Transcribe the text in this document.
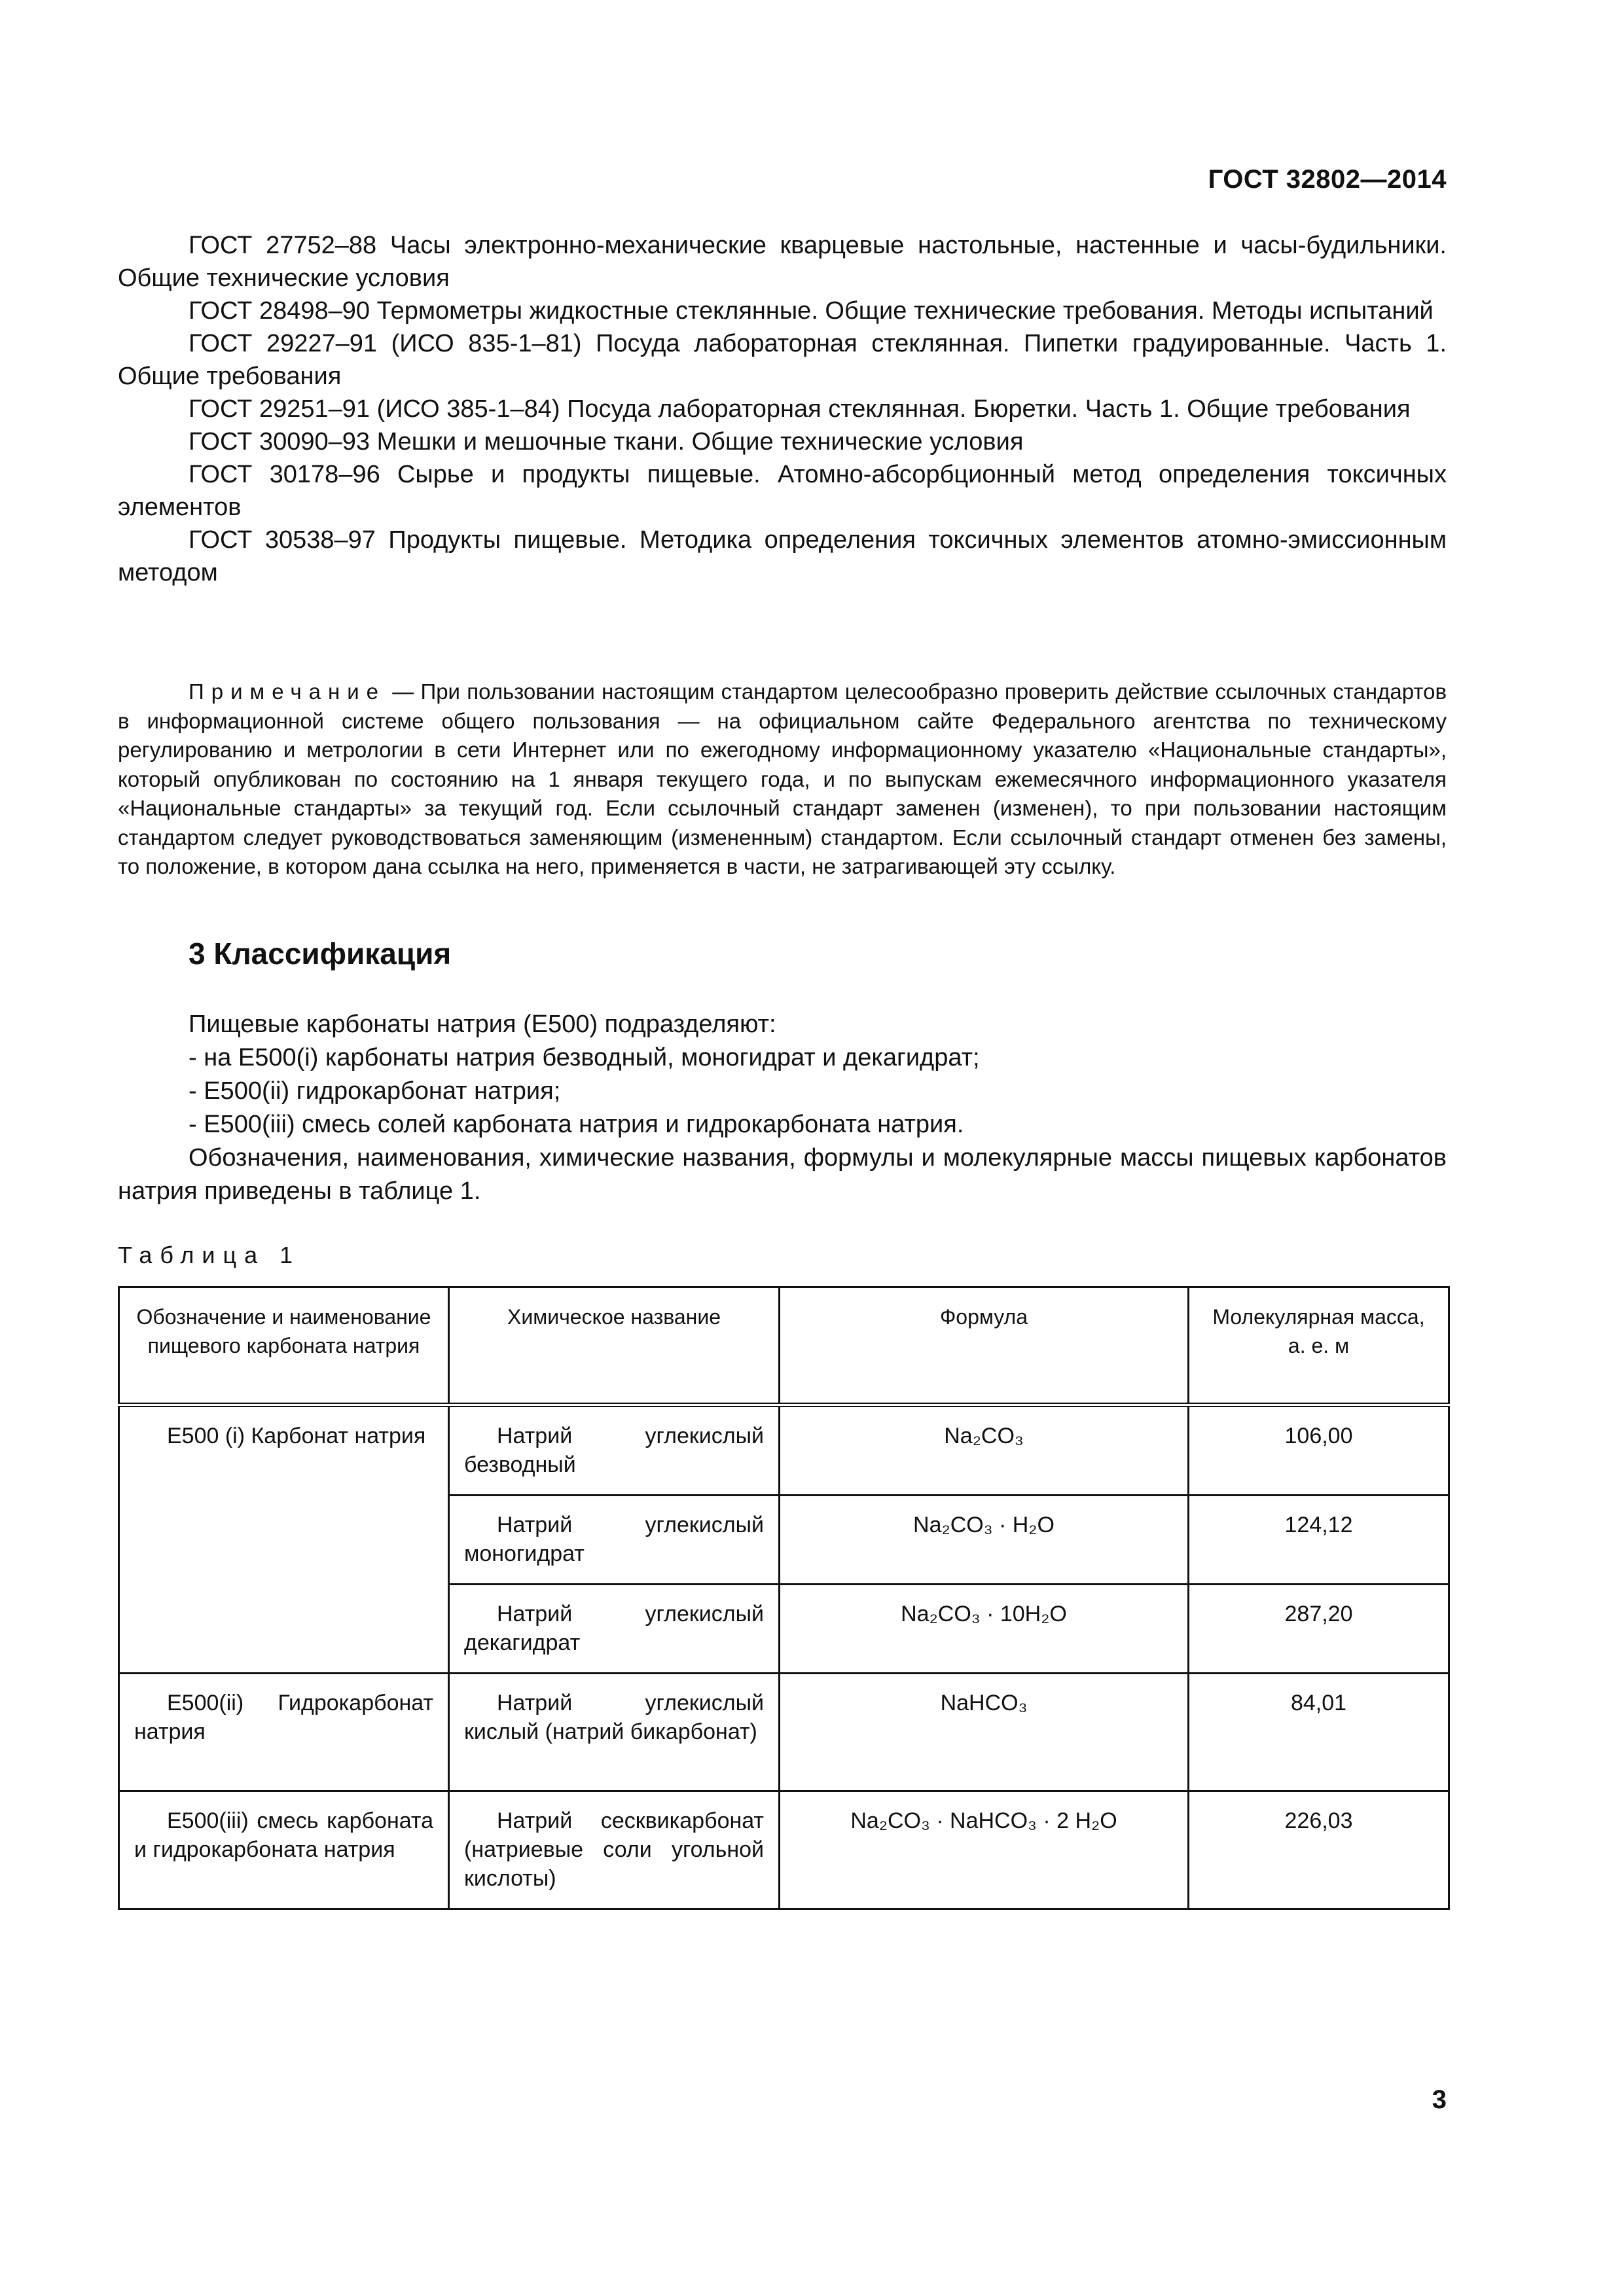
ГОСТ 32802—2014

ГОСТ 27752–88 Часы электронно-механические кварцевые настольные, настенные и часы-будильники. Общие технические условия

ГОСТ 28498–90 Термометры жидкостные стеклянные. Общие технические требования. Методы испытаний

ГОСТ 29227–91 (ИСО 835-1–81) Посуда лабораторная стеклянная. Пипетки градуированные. Часть 1. Общие требования

ГОСТ 29251–91 (ИСО 385-1–84) Посуда лабораторная стеклянная. Бюретки. Часть 1. Общие требования

ГОСТ 30090–93 Мешки и мешочные ткани. Общие технические условия

ГОСТ 30178–96 Сырье и продукты пищевые. Атомно-абсорбционный метод определения токсичных элементов

ГОСТ 30538–97 Продукты пищевые. Методика определения токсичных элементов атомно-эмиссионным методом

Примечание — При пользовании настоящим стандартом целесообразно проверить действие ссылочных стандартов в информационной системе общего пользования — на официальном сайте Федерального агентства по техническому регулированию и метрологии в сети Интернет или по ежегодному информационному указателю «Национальные стандарты», который опубликован по состоянию на 1 января текущего года, и по выпускам ежемесячного информационного указателя «Национальные стандарты» за текущий год. Если ссылочный стандарт заменен (изменен), то при пользовании настоящим стандартом следует руководствоваться заменяющим (измененным) стандартом. Если ссылочный стандарт отменен без замены, то положение, в котором дана ссылка на него, применяется в части, не затрагивающей эту ссылку.

3 Классификация

Пищевые карбонаты натрия (Е500) подразделяют:

- на Е500(i) карбонаты натрия безводный, моногидрат и декагидрат;

- Е500(ii) гидрокарбонат натрия;

- Е500(iii) смесь солей карбоната натрия и гидрокарбоната натрия.

Обозначения, наименования, химические названия, формулы и молекулярные массы пищевых карбонатов натрия приведены в таблице 1.

Таблица 1
Обозначение и наименование пищевого карбоната натрия	Химическое название	Формула	Молекулярная масса, а. е. м
Е500 (i) Карбонат натрия	Натрий углекислый безводный	Na₂CO₃	106,00
	Натрий углекислый моногидрат	Na₂CO₃ · H₂O	124,12
	Натрий углекислый декагидрат	Na₂CO₃ · 10H₂O	287,20
Е500(ii) Гидрокарбонат натрия	Натрий углекислый кислый (натрий бикарбонат)	NaHCO₃	84,01
Е500(iii) смесь карбоната и гидрокарбоната натрия	Натрий сесквикарбонат (натриевые соли угольной кислоты)	Na₂CO₃ · NaHCO₃ · 2 H₂O	226,03
3
